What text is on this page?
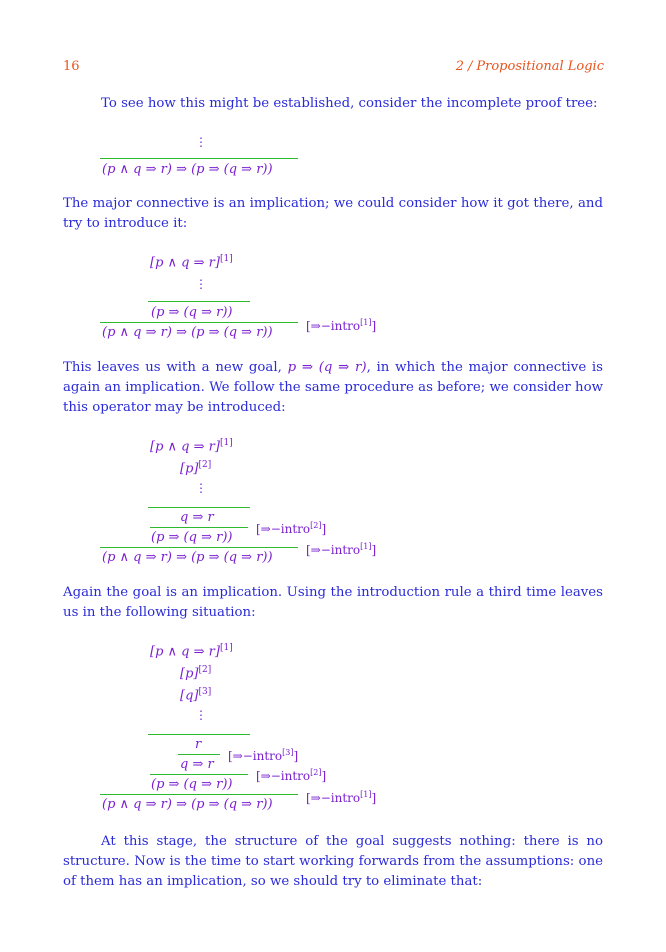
16	2 / Propositional Logic

To see how this might be established, consider the incomplete proof tree:

⋮
(p ∧ q ⇒ r) ⇒ (p ⇒ (q ⇒ r))

The major connective is an implication; we could consider how it got there, and try to introduce it:

[p ∧ q ⇒ r][1]
⋮
(p ⇒ (q ⇒ r))
(p ∧ q ⇒ r) ⇒ (p ⇒ (q ⇒ r))	[⇒−intro[1]]

This leaves us with a new goal, p ⇒ (q ⇒ r), in which the major connective is again an implication. We follow the same procedure as before; we consider how this operator may be introduced:

[p ∧ q ⇒ r][1]
[p][2]
⋮
q ⇒ r
(p ⇒ (q ⇒ r))
[⇒−intro[2]]
(p ∧ q ⇒ r) ⇒ (p ⇒ (q ⇒ r))	[⇒−intro[1]]

Again the goal is an implication. Using the introduction rule a third time leaves us in the following situation:

[p ∧ q ⇒ r][1]
[p][2]
[q][3]
⋮
r
q ⇒ r
[⇒−intro[3]]
(p ⇒ (q ⇒ r))
[⇒−intro[2]]
(p ∧ q ⇒ r) ⇒ (p ⇒ (q ⇒ r))	[⇒−intro[1]]

At this stage, the structure of the goal suggests nothing: there is no structure. Now is the time to start working forwards from the assumptions: one of them has an implication, so we should try to eliminate that:
